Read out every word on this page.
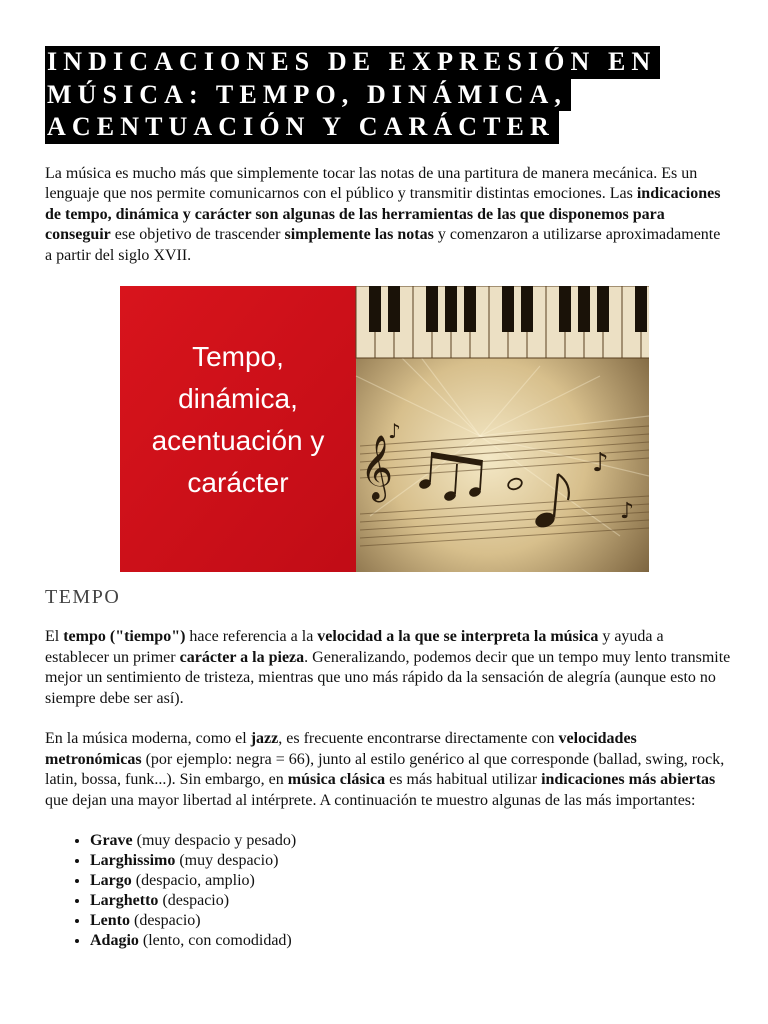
INDICACIONES DE EXPRESIÓN EN
MÚSICA: TEMPO, DINÁMICA,
ACENTUACIÓN Y CARÁCTER

La música es mucho más que simplemente tocar las notas de una partitura de manera mecánica. Es un lenguaje que nos permite comunicarnos con el público y transmitir distintas emociones. Las indicaciones de tempo, dinámica y carácter son algunas de las herramientas de las que disponemos para conseguir ese objetivo de trascender simplemente las notas y comenzaron a utilizarse aproximadamente a partir del siglo XVII.

𝄞	♪
♪
♪
Tempo,
dinámica,
acentuación y
carácter
TEMPO

El tempo ("tiempo") hace referencia a la velocidad a la que se interpreta la música y ayuda a establecer un primer carácter a la pieza. Generalizando, podemos decir que un tempo muy lento transmite mejor un sentimiento de tristeza, mientras que uno más rápido da la sensación de alegría (aunque esto no siempre debe ser así).

En la música moderna, como el jazz, es frecuente encontrarse directamente con velocidades metronómicas (por ejemplo: negra = 66), junto al estilo genérico al que corresponde (ballad, swing, rock, latin, bossa, funk...). Sin embargo, en música clásica es más habitual utilizar indicaciones más abiertas que dejan una mayor libertad al intérprete. A continuación te muestro algunas de las más importantes:

• Grave (muy despacio y pesado)
• Larghissimo (muy despacio)
• Largo (despacio, amplio)
• Larghetto (despacio)
• Lento (despacio)
• Adagio (lento, con comodidad)
